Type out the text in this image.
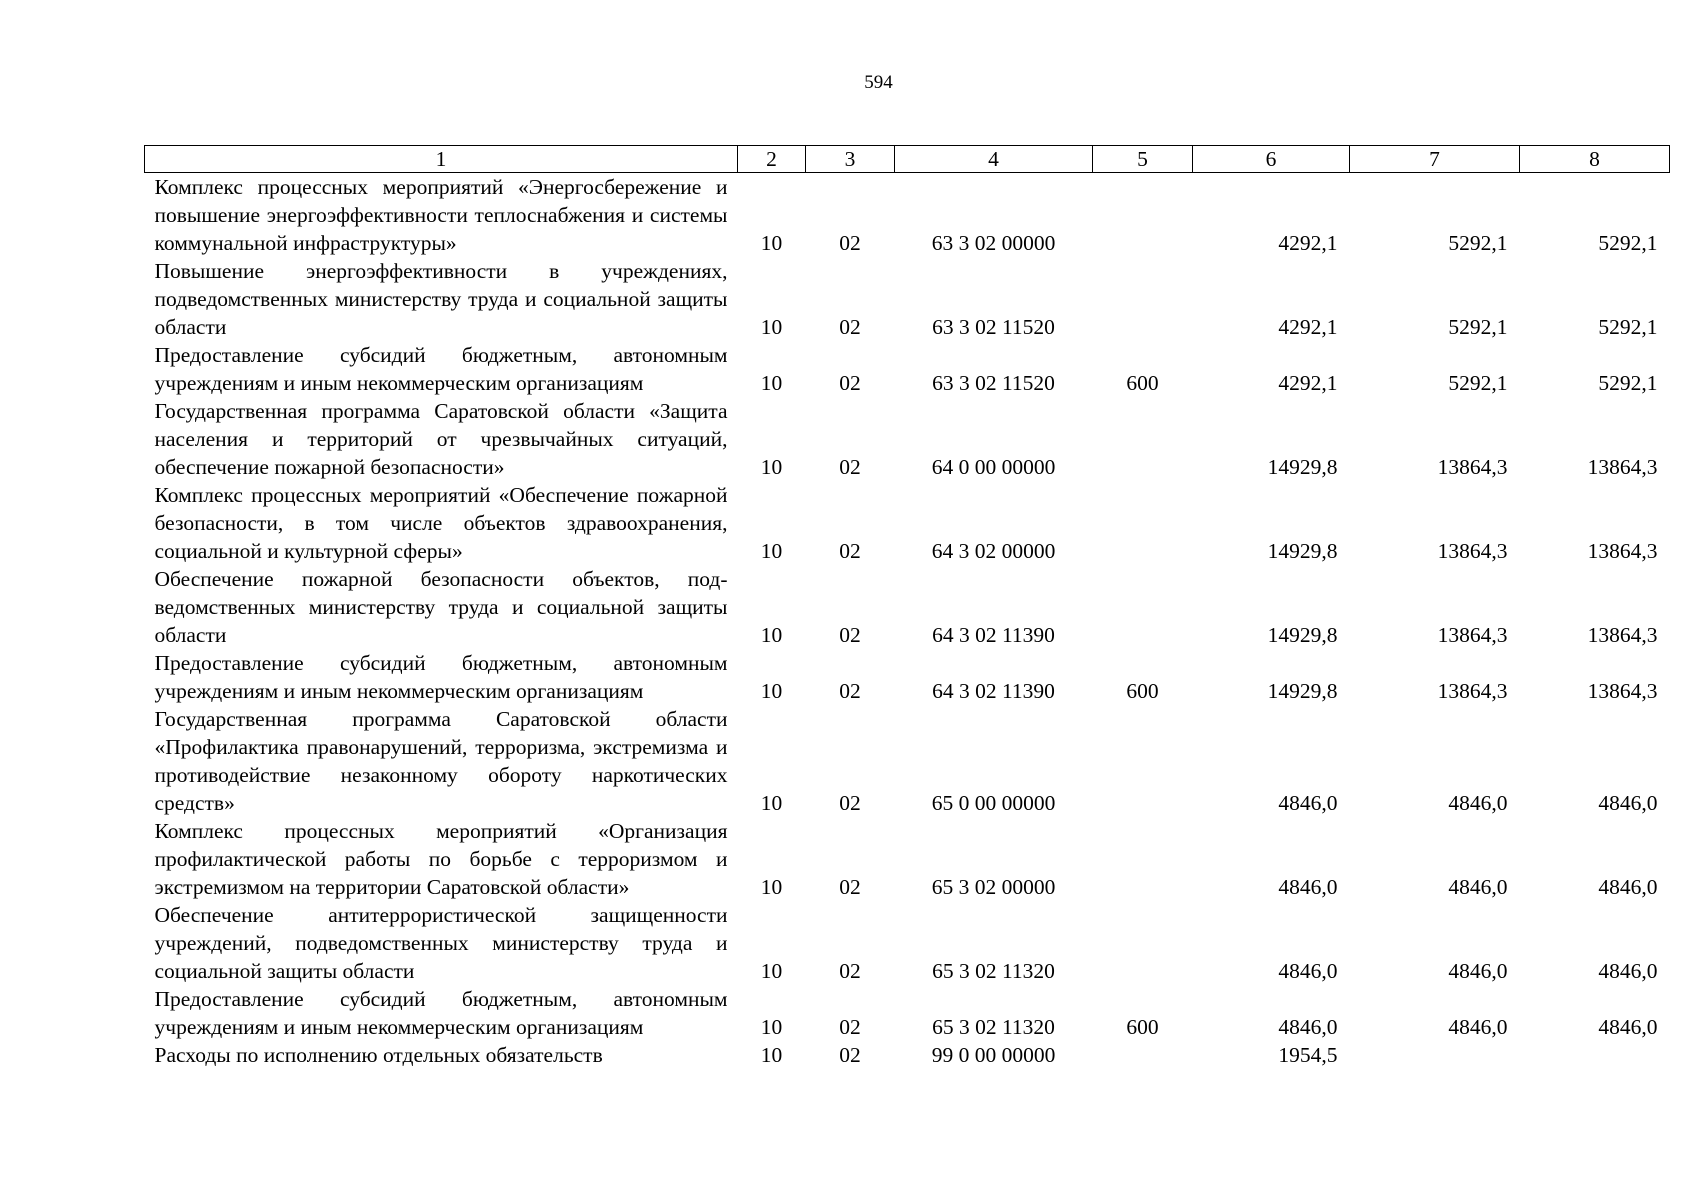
594
1	2	3	4	5	6	7	8
Комплекс процессных мероприятий «Энергосбережение и повышение энергоэффективности теплоснабжения и системы коммунальной инфраструктуры»	10	02	63 3 02 00000		4292,1	5292,1	5292,1
Повышение энергоэффективности в учреждениях, подведомственных министерству труда и социальной защиты области	10	02	63 3 02 11520		4292,1	5292,1	5292,1
Предоставление субсидий бюджетным, автономным учреждениям и иным некоммерческим организациям	10	02	63 3 02 11520	600	4292,1	5292,1	5292,1
Государственная программа Саратовской области «Защита населения и территорий от чрезвычайных ситуаций, обеспечение пожарной безопасности»	10	02	64 0 00 00000		14929,8	13864,3	13864,3
Комплекс процессных мероприятий «Обеспечение пожарной безопасности, в том числе объектов здравоохранения, социальной и культурной сферы»	10	02	64 3 02 00000		14929,8	13864,3	13864,3
Обеспечение пожарной безопасности объектов, подведомственных министерству труда и социальной защиты области	10	02	64 3 02 11390		14929,8	13864,3	13864,3
Предоставление субсидий бюджетным, автономным учреждениям и иным некоммерческим организациям	10	02	64 3 02 11390	600	14929,8	13864,3	13864,3
Государственная программа Саратовской области «Профилактика правонарушений, терроризма, экстремизма и противодействие незаконному обороту наркотических средств»	10	02	65 0 00 00000		4846,0	4846,0	4846,0
Комплекс процессных мероприятий «Организация профилактической работы по борьбе с терроризмом и экстремизмом на территории Саратовской области»	10	02	65 3 02 00000		4846,0	4846,0	4846,0
Обеспечение антитеррористической защищенности учреждений, подведомственных министерству труда и социальной защиты области	10	02	65 3 02 11320		4846,0	4846,0	4846,0
Предоставление субсидий бюджетным, автономным учреждениям и иным некоммерческим организациям	10	02	65 3 02 11320	600	4846,0	4846,0	4846,0
Расходы по исполнению отдельных обязательств	10	02	99 0 00 00000		1954,5		
